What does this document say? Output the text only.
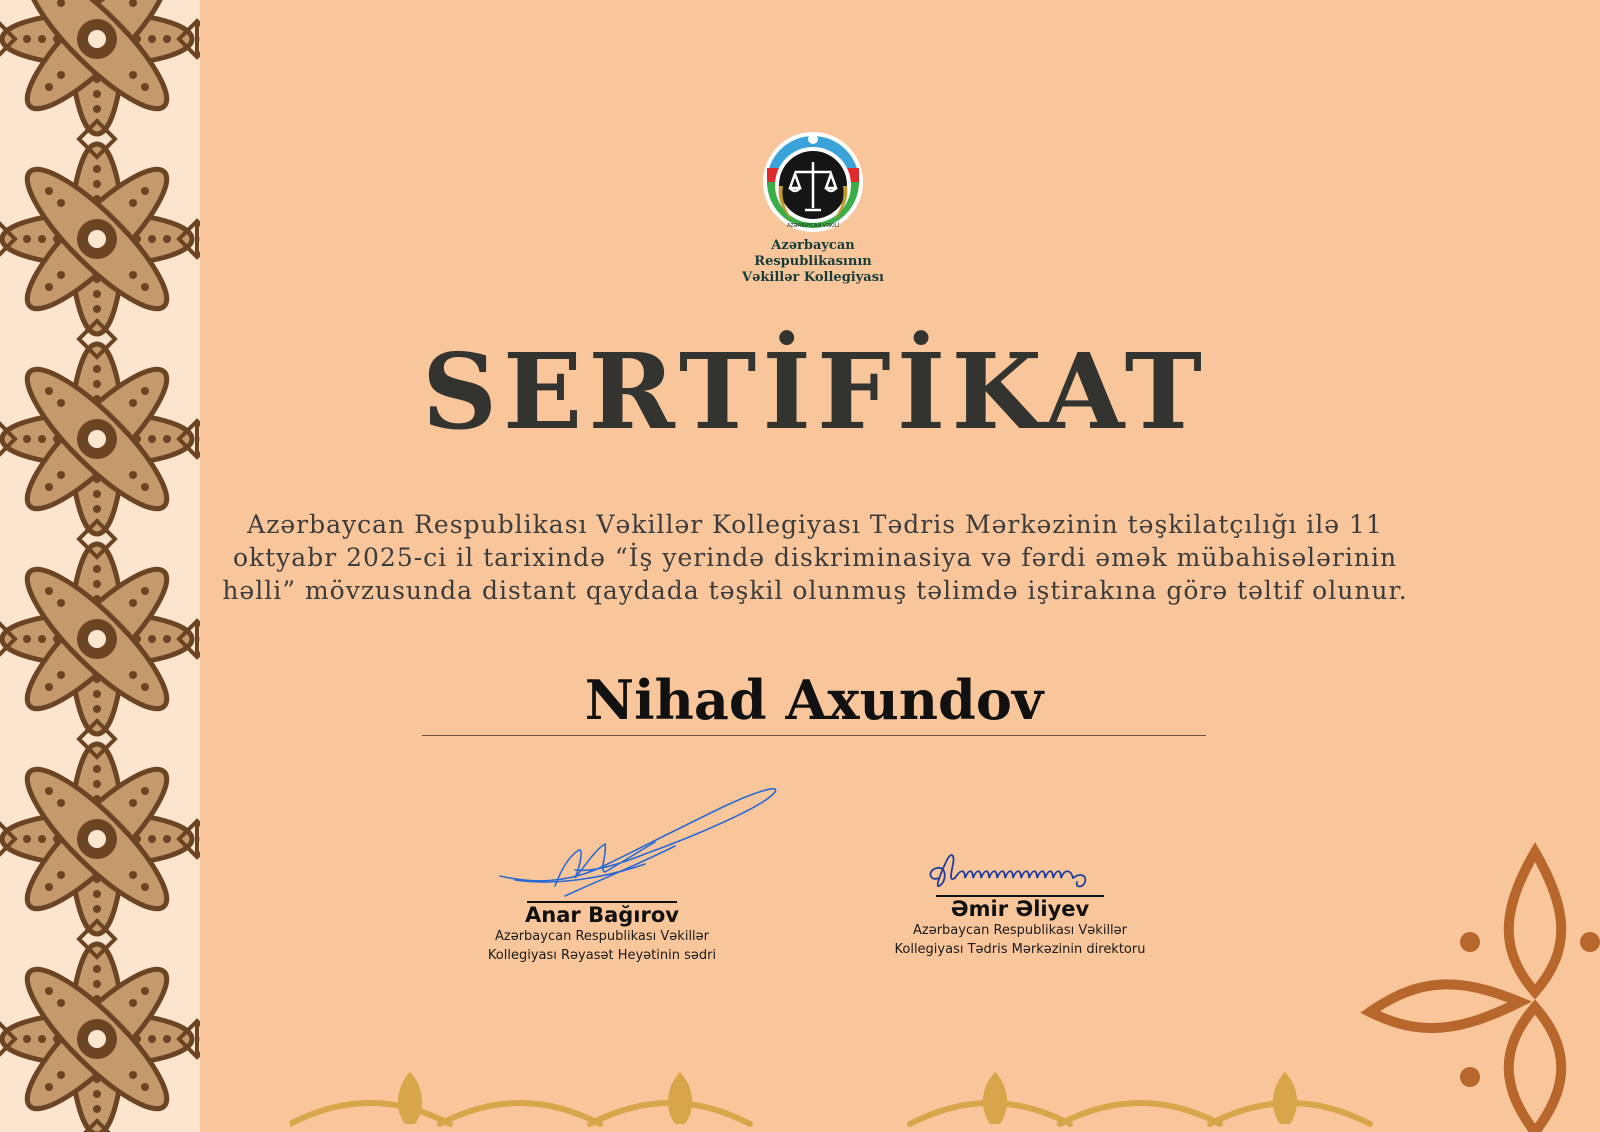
AZƏRBAYCAN VƏKİLİ
Azərbaycan
Respublikasının
Vəkillər Kollegiyası
SERTİFİKAT

Azərbaycan Respublikası Vəkillər Kollegiyası Tədris Mərkəzinin təşkilatçılığı ilə 11 oktyabr 2025-ci il tarixində “İş yerində diskriminasiya və fərdi əmək mübahisələrinin həlli” mövzusunda distant qaydada təşkil olunmuş təlimdə iştirakına görə təltif olunur.

Nihad Axundov

Anar Bağırov
Azərbaycan Respublikası Vəkillər
Kollegiyası Rəyasət Heyətinin sədri
Əmir Əliyev
Azərbaycan Respublikası Vəkillər
Kollegiyası Tədris Mərkəzinin direktoru
